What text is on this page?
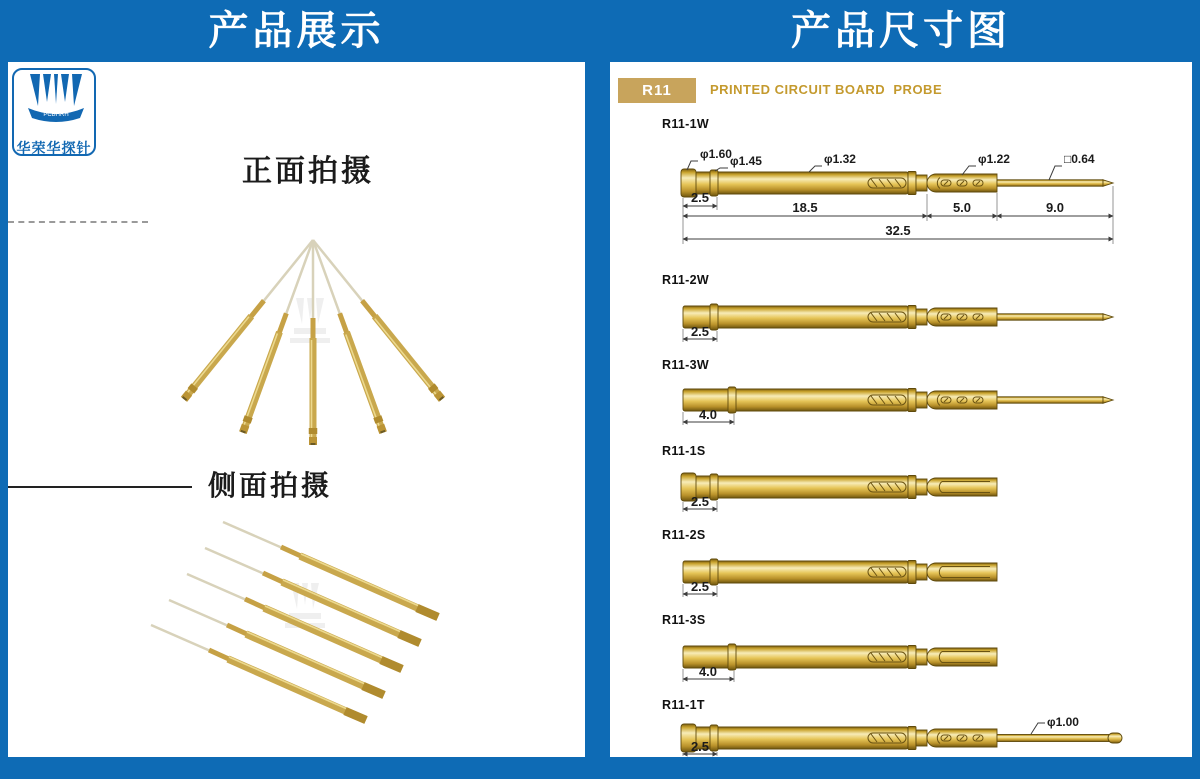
产品展示	产品尺寸图
PCBHRH
华荣华探针
正面拍摄
侧面拍摄
R11	PRINTED CIRCUIT BOARD  PROBE
R11-1W
φ1.60
φ1.45	φ1.32	φ1.22	□0.64
2.5
18.5	5.0	9.0
32.5
R11-2W
2.5
R11-3W
4.0
R11-1S
2.5
R11-2S
2.5
R11-3S
4.0
R11-1T
φ1.00
2.5
